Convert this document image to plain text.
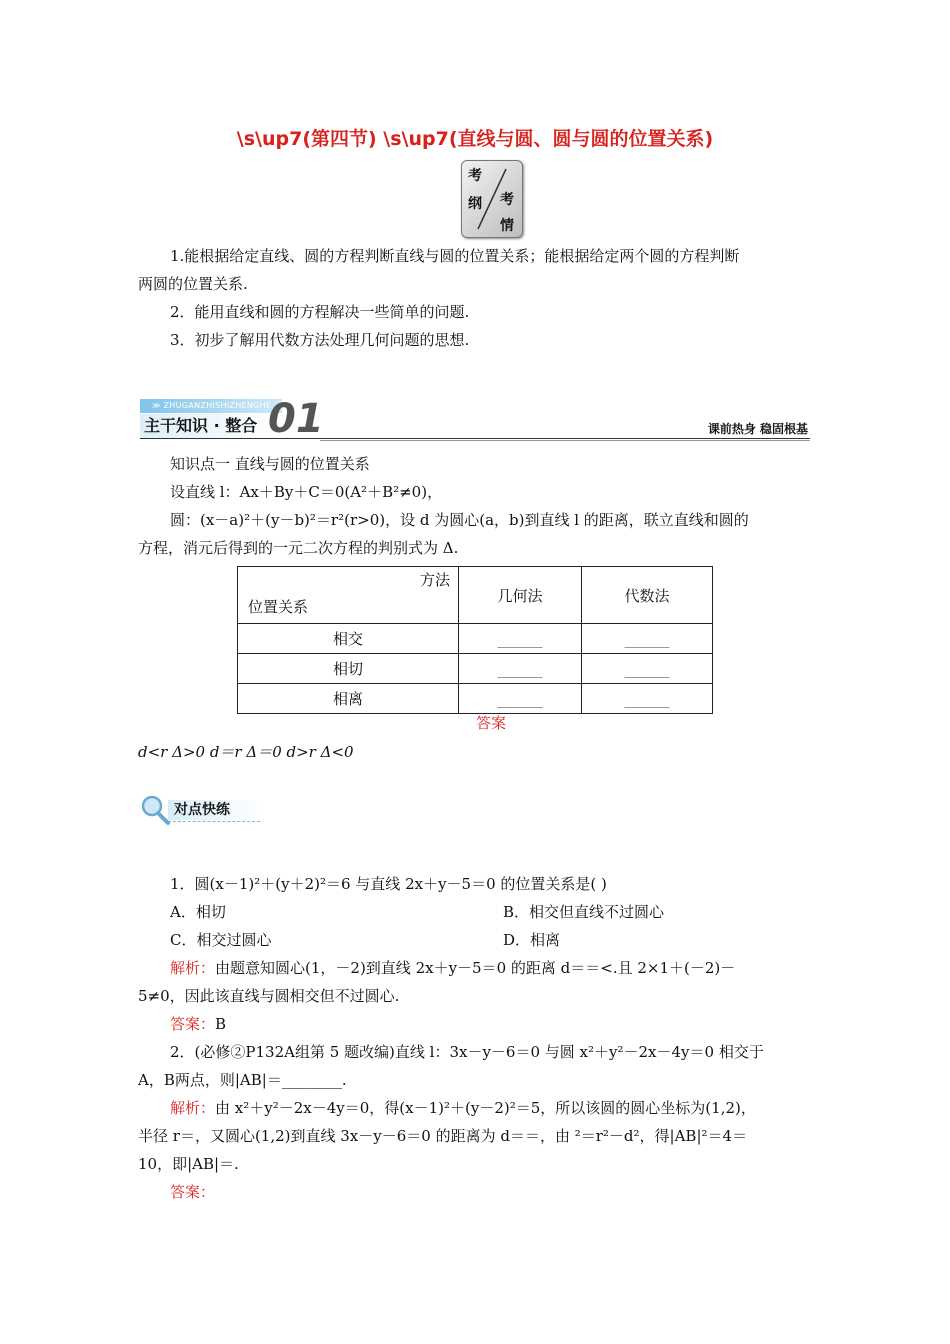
\s\up7(第四节) \s\up7(直线与圆、圆与圆的位置关系)
考
纲 考
情
1.能根据给定直线、圆的方程判断直线与圆的位置关系；能根据给定两个圆的方程判断
两圆的位置关系.
2．能用直线和圆的方程解决一些简单的问题.
3．初步了解用代数方法处理几何问题的思想.
≫ ZHUGANZHISHIZHENGHE
主干知识 · 整合 01	课前热身 稳固根基
知识点一 直线与圆的位置关系
设直线 l：Ax＋By＋C＝0(A²＋B²≠0)，
圆：(x－a)²＋(y－b)²＝r²(r>0)，设 d 为圆心(a，b)到直线 l 的距离，联立直线和圆的
方程，消元后得到的一元二次方程的判别式为 Δ.
方法
位置关系	几何法	代数法
相交	______	______
相切	______	______
相离	______	______
答案
d<r Δ>0 d＝r Δ＝0 d>r Δ<0
对点快练
1．圆(x－1)²＋(y＋2)²＝6 与直线 2x＋y－5＝0 的位置关系是( )
A．相切	B．相交但直线不过圆心
C．相交过圆心	D．相离
解析：由题意知圆心(1，－2)到直线 2x＋y－5＝0 的距离 d＝＝<.且 2×1＋(－2)－
5≠0，因此该直线与圆相交但不过圆心.
答案：B
2．(必修②P132A组第 5 题改编)直线 l：3x－y－6＝0 与圆 x²＋y²－2x－4y＝0 相交于
A，B两点，则|AB|＝________.
解析：由 x²＋y²－2x－4y＝0，得(x－1)²＋(y－2)²＝5，所以该圆的圆心坐标为(1,2)，
半径 r＝，又圆心(1,2)到直线 3x－y－6＝0 的距离为 d＝＝，由 ²＝r²－d²，得|AB|²＝4＝
10，即|AB|＝.
答案：
